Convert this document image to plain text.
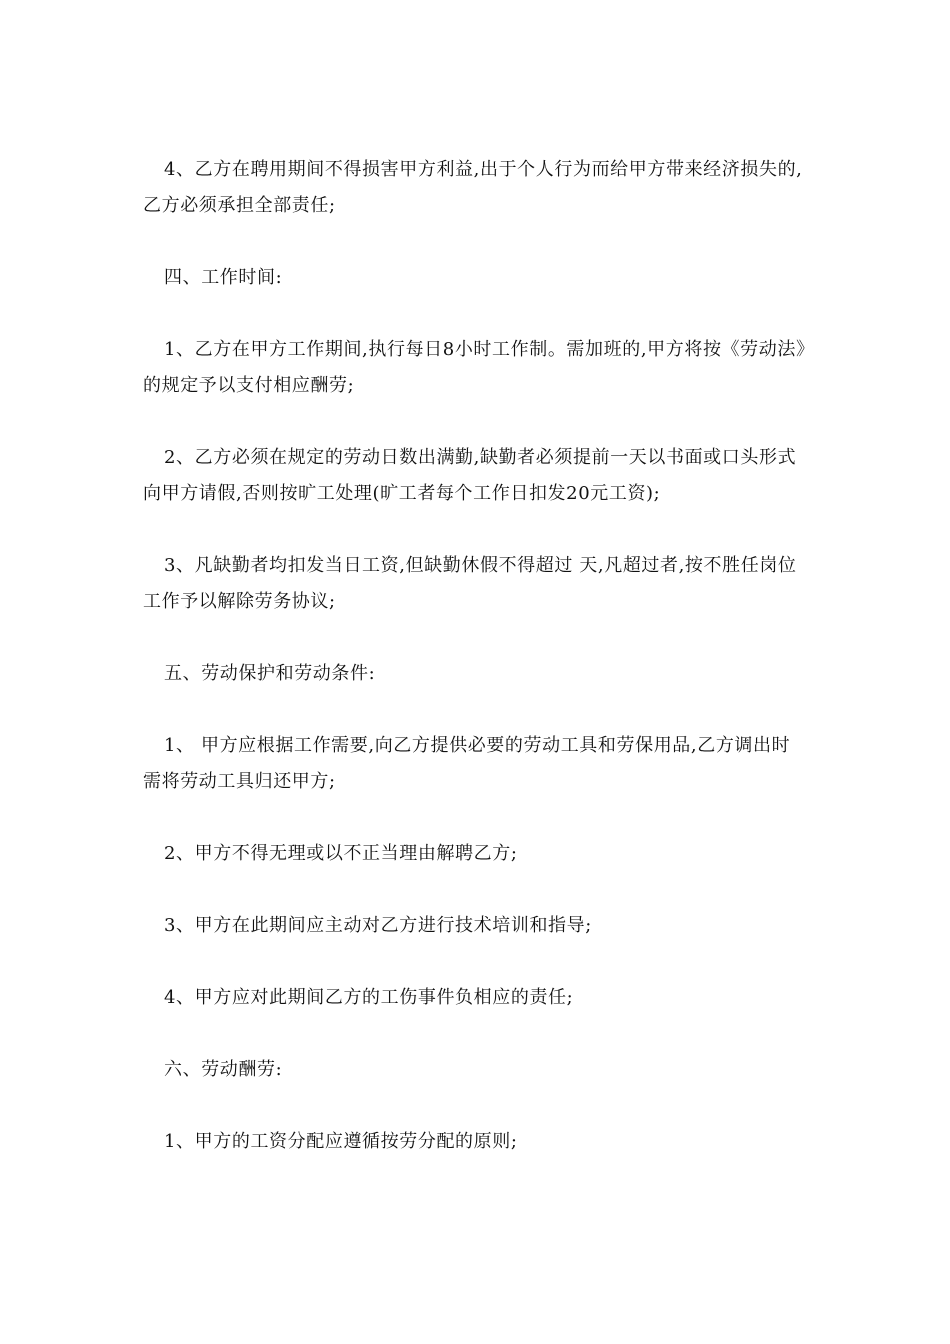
4、乙方在聘用期间不得损害甲方利益,出于个人行为而给甲方带来经济损失的,乙方必须承担全部责任;

四、工作时间:

1、乙方在甲方工作期间,执行每日8小时工作制。需加班的,甲方将按《劳动法》的规定予以支付相应酬劳;

2、乙方必须在规定的劳动日数出满勤,缺勤者必须提前一天以书面或口头形式向甲方请假,否则按旷工处理(旷工者每个工作日扣发20元工资);

3、凡缺勤者均扣发当日工资,但缺勤休假不得超过 天,凡超过者,按不胜任岗位工作予以解除劳务协议;

五、劳动保护和劳动条件:

1、 甲方应根据工作需要,向乙方提供必要的劳动工具和劳保用品,乙方调出时需将劳动工具归还甲方;

2、甲方不得无理或以不正当理由解聘乙方;

3、甲方在此期间应主动对乙方进行技术培训和指导;

4、甲方应对此期间乙方的工伤事件负相应的责任;

六、劳动酬劳:

1、甲方的工资分配应遵循按劳分配的原则;
